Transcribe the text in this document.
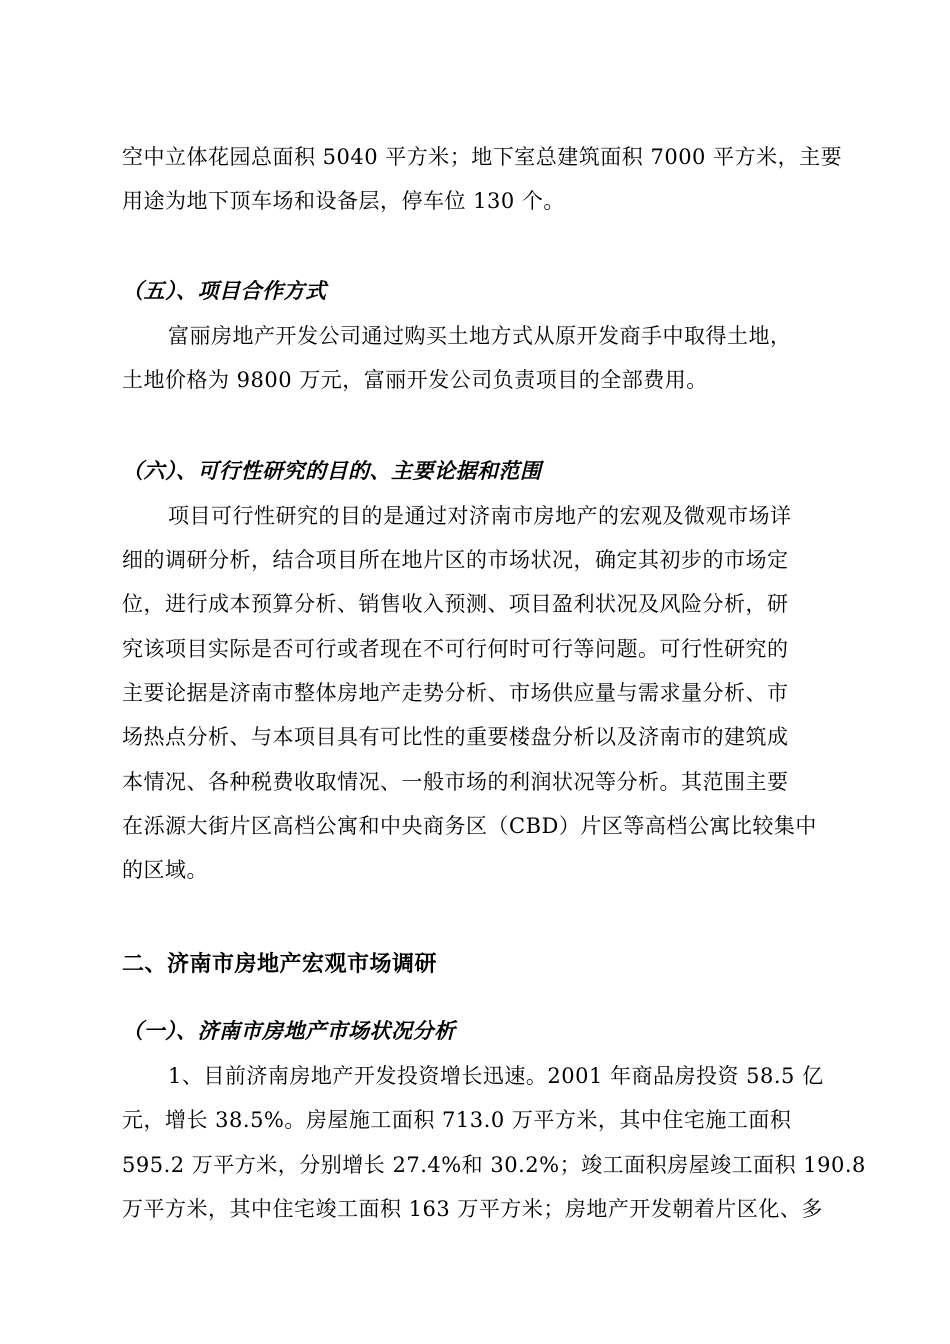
空中立体花园总面积 5040 平方米；地下室总建筑面积 7000 平方米，主要
用途为地下顶车场和设备层，停车位 130 个。
（五）、项目合作方式
富丽房地产开发公司通过购买土地方式从原开发商手中取得土地，
土地价格为 9800 万元，富丽开发公司负责项目的全部费用。
（六）、可行性研究的目的、主要论据和范围
项目可行性研究的目的是通过对济南市房地产的宏观及微观市场详
细的调研分析，结合项目所在地片区的市场状况，确定其初步的市场定
位，进行成本预算分析、销售收入预测、项目盈利状况及风险分析，研
究该项目实际是否可行或者现在不可行何时可行等问题。可行性研究的
主要论据是济南市整体房地产走势分析、市场供应量与需求量分析、市
场热点分析、与本项目具有可比性的重要楼盘分析以及济南市的建筑成
本情况、各种税费收取情况、一般市场的利润状况等分析。其范围主要
在泺源大街片区高档公寓和中央商务区（CBD）片区等高档公寓比较集中
的区域。
二、济南市房地产宏观市场调研
（一）、济南市房地产市场状况分析
1、目前济南房地产开发投资增长迅速。2001 年商品房投资 58.5 亿
元，增长 38.5%。房屋施工面积 713.0 万平方米，其中住宅施工面积
595.2 万平方米，分别增长 27.4%和 30.2%；竣工面积房屋竣工面积 190.8
万平方米，其中住宅竣工面积 163 万平方米；房地产开发朝着片区化、多
